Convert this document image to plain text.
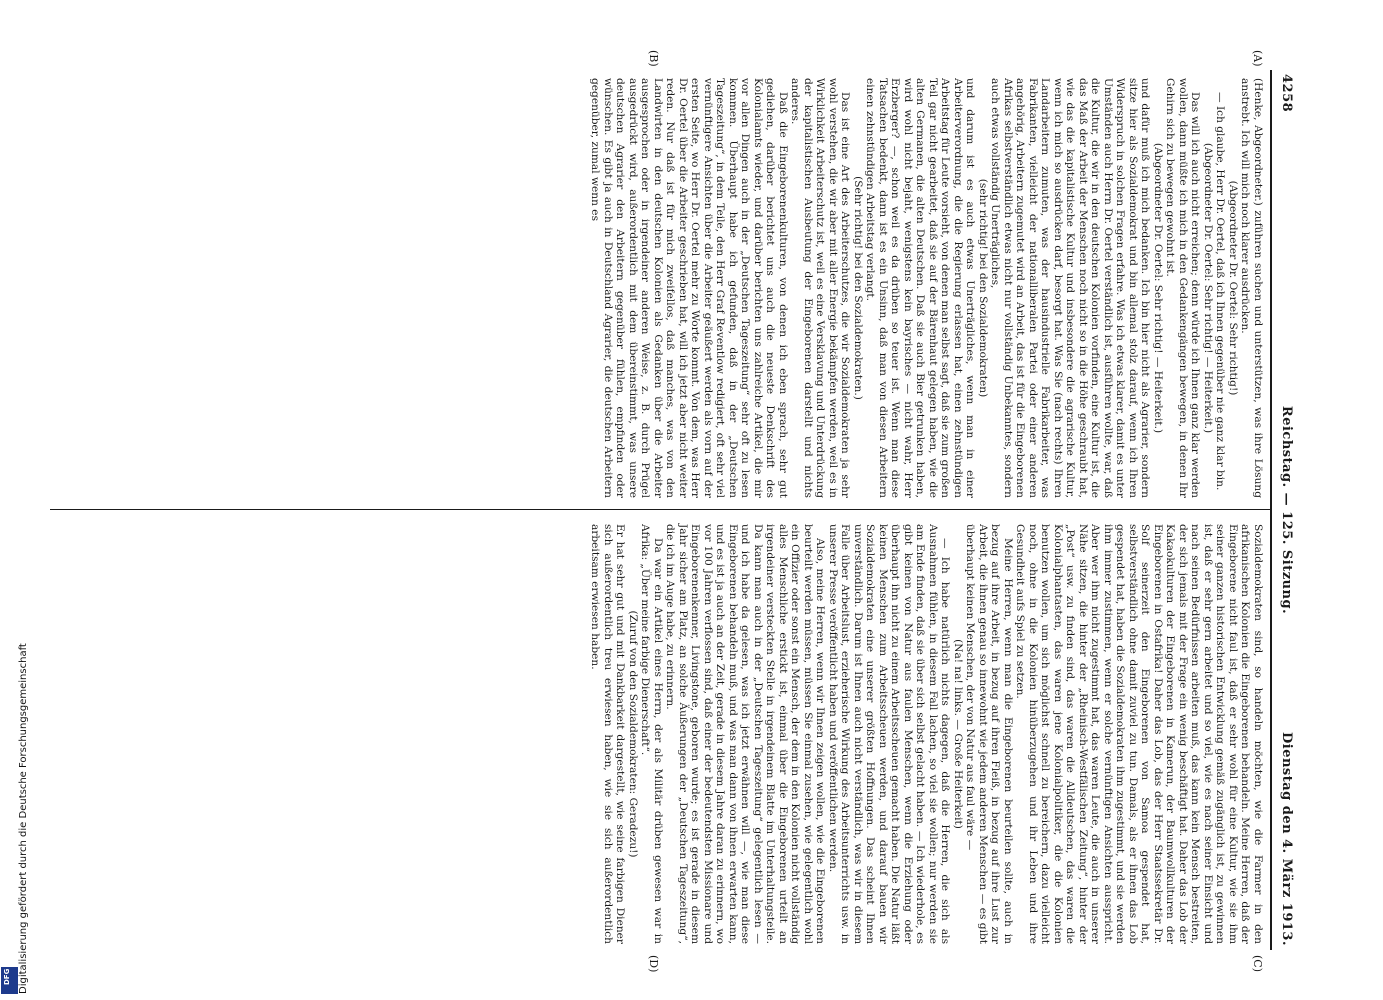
4258
Reichstag. — 125. Sitzung.
Dienstag den 4. März 1913.
(A)
(B)
(C)
(D)

(Henke, Abgeordneter.) zuführen suchen und unterstützen, was ihre Lösung anstrebt. Ich will mich noch klarer ausdrücken.

(Abgeordneter Dr. Oertel: Sehr richtig!)

— Ich glaube, Herr Dr. Oertel, daß ich Ihnen gegenüber nie ganz klar bin.

(Abgeordneter Dr. Oertel: Sehr richtig! — Heiterkeit.)

Das will ich auch nicht erreichen; denn würde ich Ihnen ganz klar werden wollen, dann müßte ich mich in den Gedankengängen bewegen, in denen Ihr Gehirn sich zu bewegen gewohnt ist.

(Abgeordneter Dr. Oertel: Sehr richtig! — Heiterkeit.)

und dafür muß ich mich bedanken. Ich bin hier nicht als Agrarier, sondern sitze hier als Sozialdemokrat und bin allemal stolz darauf, wenn ich Ihren Widerspruch in solchen Fragen erfahre. Was ich etwas klarer, damit es unter Umständen auch Herrn Dr. Oertel verständlich ist, ausführen wollte, war, daß die Kultur, die wir in den deutschen Kolonien vorfinden, eine Kultur ist, die das Maß der Arbeit der Menschen noch nicht so in die Höhe geschraubt hat, wie das die kapitalistische Kultur und insbesondere die agrarische Kultur, wenn ich mich so ausdrücken darf, besorgt hat. Was Sie (nach rechts) Ihren Landarbeitern zumuten, was der hausindustrielle Fabrikarbeiter, was Fabrikanten, vielleicht der nationalliberalen Partei oder einer anderen angehörig, Arbeitern zugemutet wird an Arbeit, das ist für die Eingeborenen Afrikas selbstverständlich etwas nicht nur vollständig Unbekanntes, sondern auch etwas vollständig Unerträgliches,

(sehr richtig! bei den Sozialdemokraten)

und darum ist es auch etwas Unerträgliches, wenn man in einer Arbeiterverordnung, die die Regierung erlassen hat, einen zehnstündigen Arbeitstag für Leute vorsieht, von denen man selbst sagt, daß sie zum großen Teil gar nicht gearbeitet, daß sie auf der Bärenhaut gelegen haben, wie die alten Germanen, die alten Deutschen. Daß sie auch Bier getrunken haben, wird wohl nicht bejaht, wenigstens kein bayrisches — nicht wahr, Herr Erzberger? —, schon weil es da drüben so teuer ist. Wenn man diese Tatsachen bedenkt, dann ist es ein Unsinn, daß man von diesen Arbeitern einen zehnstündigen Arbeitstag verlangt.

(Sehr richtig! bei den Sozialdemokraten.)

Das ist eine Art des Arbeiterschutzes, die wir Sozialdemokraten ja sehr wohl verstehen, die wir aber mit aller Energie bekämpfen werden, weil es in Wirklichkeit Arbeiterschutz ist, weil es eine Versklavung und Unterdrückung der kapitalistischen Ausbeutung der Eingeborenen darstellt und nichts anderes.

Daß die Eingeborenenkulturen, von denen ich eben sprach, sehr gut gediehen, darüber berichtet uns auch die neueste Denkschrift des Kolonialamts wieder, und darüber berichten uns zahlreiche Artikel, die mir vor allen Dingen auch in der „Deutschen Tageszeitung“ sehr oft zu lesen kommen. Überhaupt habe ich gefunden, daß in der „Deutschen Tageszeitung“, in dem Teile, den Herr Graf Reventlow redigiert, oft sehr viel vernünftigere Ansichten über die Arbeiter geäußert werden als vorn auf der ersten Seite, wo Herr Dr. Oertel mehr zu Worte kommt. Von dem, was Herr Dr. Oertel über die Arbeiter geschrieben hat, will ich jetzt aber nicht weiter reden. Nur daß ist für mich zweifellos, daß manches, was von den Landwirten in den deutschen Kolonien als Gedanken über die Arbeiter ausgesprochen oder in irgendeiner anderen Weise, z. B. durch Prügel ausgedrückt wird, außerordentlich mit dem übereinstimmt, was unsere deutschen Agrarier den Arbeitern gegenüber fühlen, empfinden oder wünschen. Es gibt ja auch in Deutschland Agrarier, die deutschen Arbeitern gegenüber, zumal wenn es

Sozialdemokraten sind, so handeln möchten, wie die Farmer in den afrikanischen Kolonien die Eingeborenen behandeln. Meine Herren, daß der Eingeborene nicht faul ist, daß er sehr wohl für eine Kultur, wie sie ihm seiner ganzen historischen Entwicklung gemäß zugänglich ist, zu gewinnen ist, daß er sehr gern arbeitet und so viel, wie es nach seiner Einsicht und nach seinen Bedürfnissen arbeiten muß, das kann kein Mensch bestreiten, der sich jemals mit der Frage ein wenig beschäftigt hat. Daher das Lob der Kakaokulturen der Eingeborenen in Kamerun, der Baumwollkulturen der Eingeborenen in Ostafrika! Daher das Lob, das der Herr Staatssekretär Dr. Solf seinerzeit den Eingeborenen von Samoa gespendet hat, selbstverständlich ohne damit zuviel zu tun. Damals, als er ihnen das Lob gespendet hat, haben die Sozialdemokraten ihm zugestimmt, und sie werden ihm immer zustimmen, wenn er solche vernünftigen Ansichten ausspricht. Aber wer ihm nicht zugestimmt hat, das waren Leute, die auch in unserer Nähe sitzen, die hinter der „Rheinisch-Westfälischen Zeitung“, hinter der „Post“ usw. zu finden sind, das waren die Alldeutschen, das waren die Kolonialphantasten, das waren jene Kolonialpolitiker, die die Kolonien benutzen wollen, um sich möglichst schnell zu bereichern, dazu vielleicht noch, ohne in die Kolonien hinüberzugehen und ihr Leben und ihre Gesundheit aufs Spiel zu setzen.

Meine Herren, wenn man die Eingeborenen beurteilen sollte, auch in bezug auf ihre Arbeit, in bezug auf ihren Fleiß, in bezug auf ihre Lust zur Arbeit, die ihnen genau so innewohnt wie jedem anderen Menschen — es gibt überhaupt keinen Menschen, der von Natur aus faul wäre —

(Na! na! links. — Große Heiterkeit)

— Ich habe natürlich nichts dagegen, daß die Herren, die sich als Ausnahmen fühlen, in diesem Fall lachen, so viel sie wollen; nur werden sie am Ende finden, daß sie über sich selbst gelacht haben. — Ich wiederhole, es gibt keinen von Natur aus faulen Menschen, wenn die Erziehung oder überhaupt ihn nicht zu einem Arbeitsscheuen gemacht haben. Die Natur läßt keinen Menschen zum Arbeitsscheuen werden, und darauf bauen wir Sozialdemokraten eine unserer größten Hoffnungen. Das scheint Ihnen unverständlich. Darum ist Ihnen auch nicht verständlich, was wir in diesem Falle über Arbeitslust, erzieherische Wirkung des Arbeitsunterrichts usw. in unserer Presse veröffentlicht haben und veröffentlichen werden.

Also, meine Herren, wenn wir Ihnen zeigen wollen, wie die Eingeborenen beurteilt werden müssen, müssen Sie einmal zusehen, wie gelegentlich wohl ein Offizier oder sonst ein Mensch, der dem in den Kolonien nicht vollständig alles Menschliche erstickt ist, einmal über die Eingeborenen urteilt an irgendeiner versteckten Stelle in irgendeinem Blatte im Unterhaltungsteile. Da kann man auch in der „Deutschen Tageszeitung“ gelegentlich lesen — und ich habe da gelesen, was ich jetzt erwähnen will —, wie man diese Eingeborenen behandeln muß, und was man dann von ihnen erwarten kann, und es ist ja auch an der Zeit, gerade in diesem Jahre daran zu erinnern, wo vor 100 Jahren verflossen sind, daß einer der bedeutendsten Missionare und Eingeborenenkenner, Livingstone, geboren wurde; es ist gerade in diesem Jahr sicher am Platz, an solche Äußerungen der „Deutschen Tageszeitung“, die ich im Auge habe, zu erinnern.

Da war ein Artikel eines Herrn, der als Militär drüben gewesen war in Afrika: „Über meine farbige Dienerschaft“.

(Zuruf von den Sozialdemokraten: Geradezu!)

Er hat sehr gut und mit Dankbarkeit dargestellt, wie seine farbigen Diener sich außerordentlich treu erwiesen haben, wie sie sich außerordentlich arbeitsam erwiesen haben.

Digitalisierung gefördert durch die Deutsche Forschungsgemeinschaft
DFG
